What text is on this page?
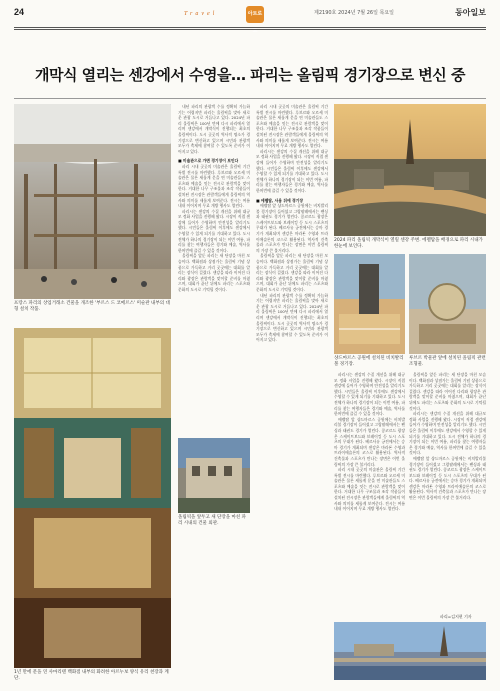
24	Travel	아트로드
제2190호 2024년 7월 26일 목요일	동아일보
개막식 열리는 센강에서 수영을… 파리는 올림픽 경기장으로 변신 중
프랑스 파리의 상업거래소 건물을 개조한 '부르스 드 코메르스' 미술관 내부의 대형 설치 작품.
1년 만에 문을 연 사마리텐 백화점 내부의 화려한 아르누보 양식 유리 천장과 계단.

내년 파리의 관광객 수를 정확히 가늠하기는 어렵지만 파리는 올림픽을 맞아 새로운 관광 도시로 거듭나고 있다. 2024년 파리 올림픽은 100년 만에 다시 파리에서 열리며 센강에서 개막식이 진행되는 최초의 올림픽이다. 도시 곳곳의 역사적 명소가 경기장으로 변신하고 있으며 시민과 관광객 모두가 축제에 참여할 수 있도록 준비가 이어지고 있다.

■ 미술관으로 가면 경기장이 보인다

파리 시내 곳곳의 미술관은 올림픽 기간 특별 전시를 마련했다. 루브르와 오르세 미술관은 물론 새롭게 문을 연 미술관들도 스포츠와 예술을 잇는 전시로 관람객을 맞이한다. 거대한 나무 구조물과 조각 작품들이 설치된 전시장은 관람객들에게 올림픽의 역사와 의미를 새롭게 보여준다. 전시는 여름 내내 이어지며 무료 개방 행사도 열린다.

파리시는 센강의 수질 개선을 위해 대규모 정화 사업을 진행해 왔다. 시장이 직접 센강에 들어가 수영하며 안전성을 알리기도 했다. 시민들은 올림픽 이후에도 센강에서 수영할 수 있게 되기를 기대하고 있다. 도시 전체가 하나의 경기장이 되는 이번 여름, 파리를 찾는 여행자들은 경기와 예술, 역사를 한꺼번에 즐길 수 있을 것이다.

올림픽을 앞둔 파리는 새 단장을 마친 모습이다. 백화점과 상점가는 올림픽 기념 상품으로 가득하고 거리 곳곳에는 대회를 알리는 장식이 걸렸다. 센강을 따라 이어진 다리와 광장은 관람객을 맞이할 준비를 마쳤으며, 대회가 끝난 뒤에도 파리는 스포츠와 문화의 도시로 기억될 것이다.

올림픽을 앞두고 새 단장을 마친 파리 시내의 건물 외관.

파리 시내 곳곳의 미술관은 올림픽 기간 특별 전시를 마련했다. 루브르와 오르세 미술관은 물론 새롭게 문을 연 미술관들도 스포츠와 예술을 잇는 전시로 관람객을 맞이한다. 거대한 나무 구조물과 조각 작품들이 설치된 전시장은 관람객들에게 올림픽의 역사와 의미를 새롭게 보여준다. 전시는 여름 내내 이어지며 무료 개방 행사도 열린다.

파리시는 센강의 수질 개선을 위해 대규모 정화 사업을 진행해 왔다. 시장이 직접 센강에 들어가 수영하며 안전성을 알리기도 했다. 시민들은 올림픽 이후에도 센강에서 수영할 수 있게 되기를 기대하고 있다. 도시 전체가 하나의 경기장이 되는 이번 여름, 파리를 찾는 여행자들은 경기와 예술, 역사를 한꺼번에 즐길 수 있을 것이다.

■ 에펠탑, 사용 뒤에 경기장

에펠탑 앞 샹드마르스 공원에는 비치발리볼 경기장이 들어섰고 그랑팔레에서는 펜싱과 태권도 경기가 열린다. 콩코르드 광장은 스케이트보드와 브레이킹 등 도시 스포츠의 무대가 된다. 베르사유 궁전에서는 승마 경기가 개최되며 센강은 마라톤 수영과 트라이애슬론의 코스로 활용된다. 역사적 건축물과 스포츠가 만나는 장면은 이번 올림픽의 가장 큰 볼거리다.

올림픽을 앞둔 파리는 새 단장을 마친 모습이다. 백화점과 상점가는 올림픽 기념 상품으로 가득하고 거리 곳곳에는 대회를 알리는 장식이 걸렸다. 센강을 따라 이어진 다리와 광장은 관람객을 맞이할 준비를 마쳤으며, 대회가 끝난 뒤에도 파리는 스포츠와 문화의 도시로 기억될 것이다.

내년 파리의 관광객 수를 정확히 가늠하기는 어렵지만 파리는 올림픽을 맞아 새로운 관광 도시로 거듭나고 있다. 2024년 파리 올림픽은 100년 만에 다시 파리에서 열리며 센강에서 개막식이 진행되는 최초의 올림픽이다. 도시 곳곳의 역사적 명소가 경기장으로 변신하고 있으며 시민과 관광객 모두가 축제에 참여할 수 있도록 준비가 이어지고 있다.

2024 파리 올림픽 개막식이 열릴 센강 주변. 에펠탑을 배경으로 파리 시내가 한눈에 보인다.
샹드마르스 공원에 설치된 비치발리볼 경기장.
루브르 박물관 앞에 설치된 올림픽 관련 조형물.

파리시는 센강의 수질 개선을 위해 대규모 정화 사업을 진행해 왔다. 시장이 직접 센강에 들어가 수영하며 안전성을 알리기도 했다. 시민들은 올림픽 이후에도 센강에서 수영할 수 있게 되기를 기대하고 있다. 도시 전체가 하나의 경기장이 되는 이번 여름, 파리를 찾는 여행자들은 경기와 예술, 역사를 한꺼번에 즐길 수 있을 것이다.

에펠탑 앞 샹드마르스 공원에는 비치발리볼 경기장이 들어섰고 그랑팔레에서는 펜싱과 태권도 경기가 열린다. 콩코르드 광장은 스케이트보드와 브레이킹 등 도시 스포츠의 무대가 된다. 베르사유 궁전에서는 승마 경기가 개최되며 센강은 마라톤 수영과 트라이애슬론의 코스로 활용된다. 역사적 건축물과 스포츠가 만나는 장면은 이번 올림픽의 가장 큰 볼거리다.

파리 시내 곳곳의 미술관은 올림픽 기간 특별 전시를 마련했다. 루브르와 오르세 미술관은 물론 새롭게 문을 연 미술관들도 스포츠와 예술을 잇는 전시로 관람객을 맞이한다. 거대한 나무 구조물과 조각 작품들이 설치된 전시장은 관람객들에게 올림픽의 역사와 의미를 새롭게 보여준다. 전시는 여름 내내 이어지며 무료 개방 행사도 열린다.

올림픽을 앞둔 파리는 새 단장을 마친 모습이다. 백화점과 상점가는 올림픽 기념 상품으로 가득하고 거리 곳곳에는 대회를 알리는 장식이 걸렸다. 센강을 따라 이어진 다리와 광장은 관람객을 맞이할 준비를 마쳤으며, 대회가 끝난 뒤에도 파리는 스포츠와 문화의 도시로 기억될 것이다.

파리시는 센강의 수질 개선을 위해 대규모 정화 사업을 진행해 왔다. 시장이 직접 센강에 들어가 수영하며 안전성을 알리기도 했다. 시민들은 올림픽 이후에도 센강에서 수영할 수 있게 되기를 기대하고 있다. 도시 전체가 하나의 경기장이 되는 이번 여름, 파리를 찾는 여행자들은 경기와 예술, 역사를 한꺼번에 즐길 수 있을 것이다.

에펠탑 앞 샹드마르스 공원에는 비치발리볼 경기장이 들어섰고 그랑팔레에서는 펜싱과 태권도 경기가 열린다. 콩코르드 광장은 스케이트보드와 브레이킹 등 도시 스포츠의 무대가 된다. 베르사유 궁전에서는 승마 경기가 개최되며 센강은 마라톤 수영과 트라이애슬론의 코스로 활용된다. 역사적 건축물과 스포츠가 만나는 장면은 이번 올림픽의 가장 큰 볼거리다.

파리=김지현 기자
